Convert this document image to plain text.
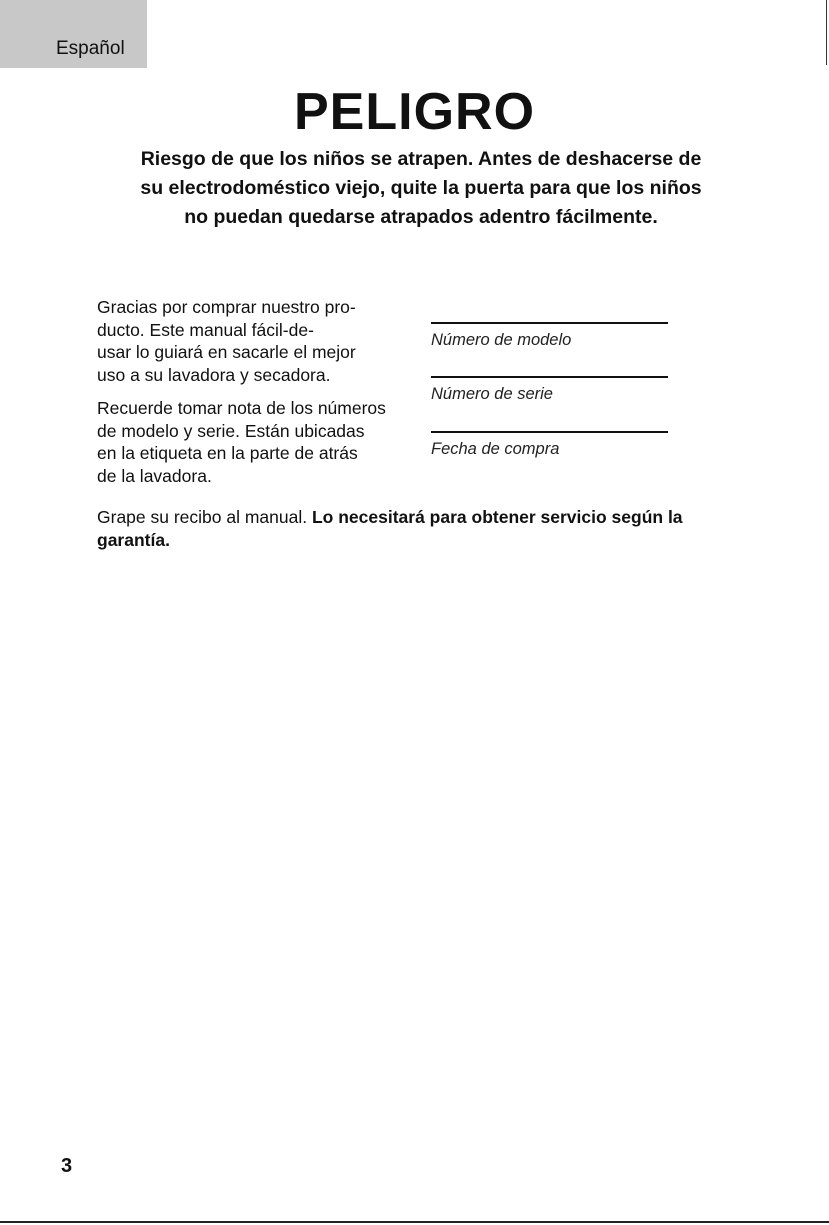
Español
PELIGRO
Riesgo de que los niños se atrapen. Antes de deshacerse de
su electrodoméstico viejo, quite la puerta para que los niños
no puedan quedarse atrapados adentro fácilmente.

Gracias por comprar nuestro pro-
ducto. Este manual fácil-de-
usar lo guiará en sacarle el mejor
uso a su lavadora y secadora.

Recuerde tomar nota de los números
de modelo y serie. Están ubicadas
en la etiqueta en la parte de atrás
de la lavadora.

Número de modelo
Número de serie
Fecha de compra
Grape su recibo al manual. Lo necesitará para obtener servicio según la garantía.
3
